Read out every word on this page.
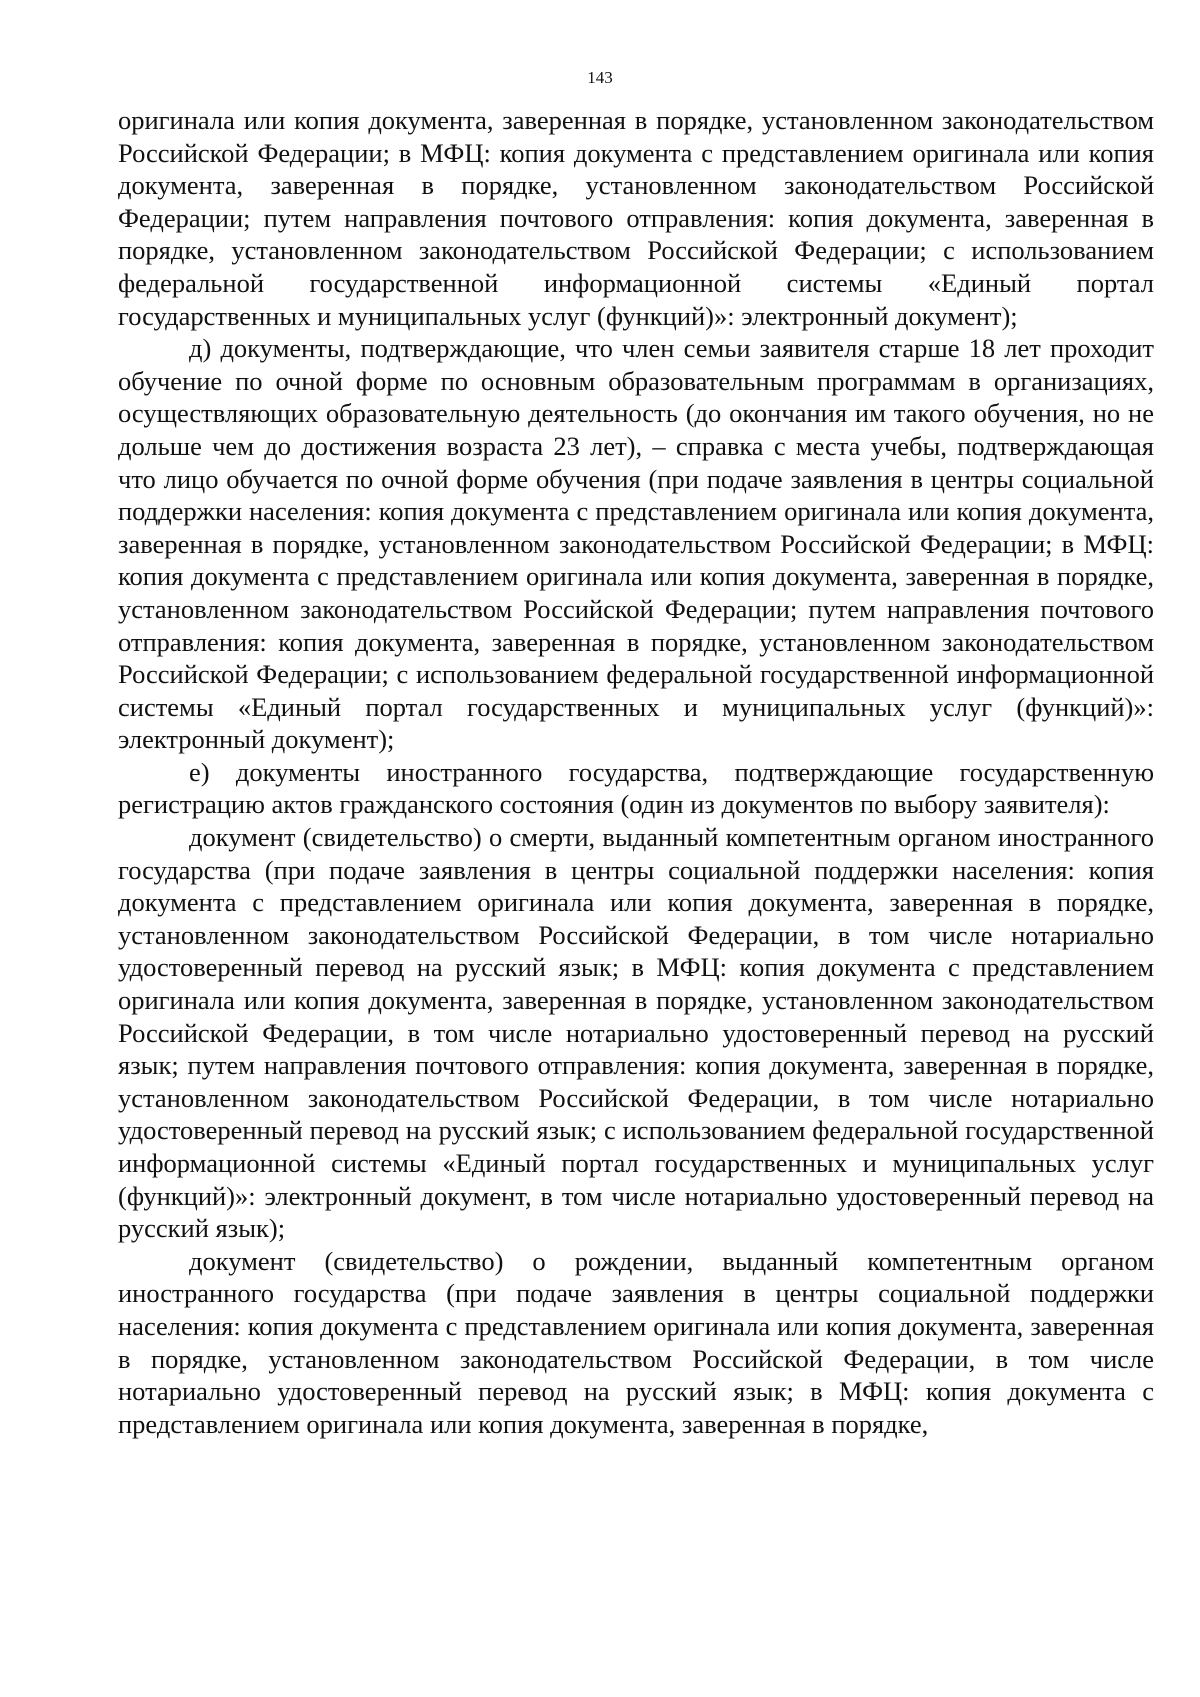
143

оригинала или копия документа, заверенная в порядке, установленном законодательством Российской Федерации; в МФЦ: копия документа с представлением оригинала или копия документа, заверенная в порядке, установленном законодательством Российской Федерации; путем направления почтового отправления: копия документа, заверенная в порядке, установленном законодательством Российской Федерации; с использованием федеральной государственной информационной системы «Единый портал государственных и муниципальных услуг (функций)»: электронный документ);

д) документы, подтверждающие, что член семьи заявителя старше 18 лет проходит обучение по очной форме по основным образовательным программам в организациях, осуществляющих образовательную деятельность (до окончания им такого обучения, но не дольше чем до достижения возраста 23 лет), – справка с места учебы, подтверждающая что лицо обучается по очной форме обучения (при подаче заявления в центры социальной поддержки населения: копия документа с представлением оригинала или копия документа, заверенная в порядке, установленном законодательством Российской Федерации; в МФЦ: копия документа с представлением оригинала или копия документа, заверенная в порядке, установленном законодательством Российской Федерации; путем направления почтового отправления: копия документа, заверенная в порядке, установленном законодательством Российской Федерации; с использованием федеральной государственной информационной системы «Единый портал государственных и муниципальных услуг (функций)»: электронный документ);

е) документы иностранного государства, подтверждающие государственную регистрацию актов гражданского состояния (один из документов по выбору заявителя):

документ (свидетельство) о смерти, выданный компетентным органом иностранного государства (при подаче заявления в центры социальной поддержки населения: копия документа с представлением оригинала или копия документа, заверенная в порядке, установленном законодательством Российской Федерации, в том числе нотариально удостоверенный перевод на русский язык; в МФЦ: копия документа с представлением оригинала или копия документа, заверенная в порядке, установленном законодательством Российской Федерации, в том числе нотариально удостоверенный перевод на русский язык; путем направления почтового отправления: копия документа, заверенная в порядке, установленном законодательством Российской Федерации, в том числе нотариально удостоверенный перевод на русский язык; с использованием федеральной государственной информационной системы «Единый портал государственных и муниципальных услуг (функций)»: электронный документ, в том числе нотариально удостоверенный перевод на русский язык);

документ (свидетельство) о рождении, выданный компетентным органом иностранного государства (при подаче заявления в центры социальной поддержки населения: копия документа с представлением оригинала или копия документа, заверенная в порядке, установленном законодательством Российской Федерации, в том числе нотариально удостоверенный перевод на русский язык; в МФЦ: копия документа с представлением оригинала или копия документа, заверенная в порядке,
